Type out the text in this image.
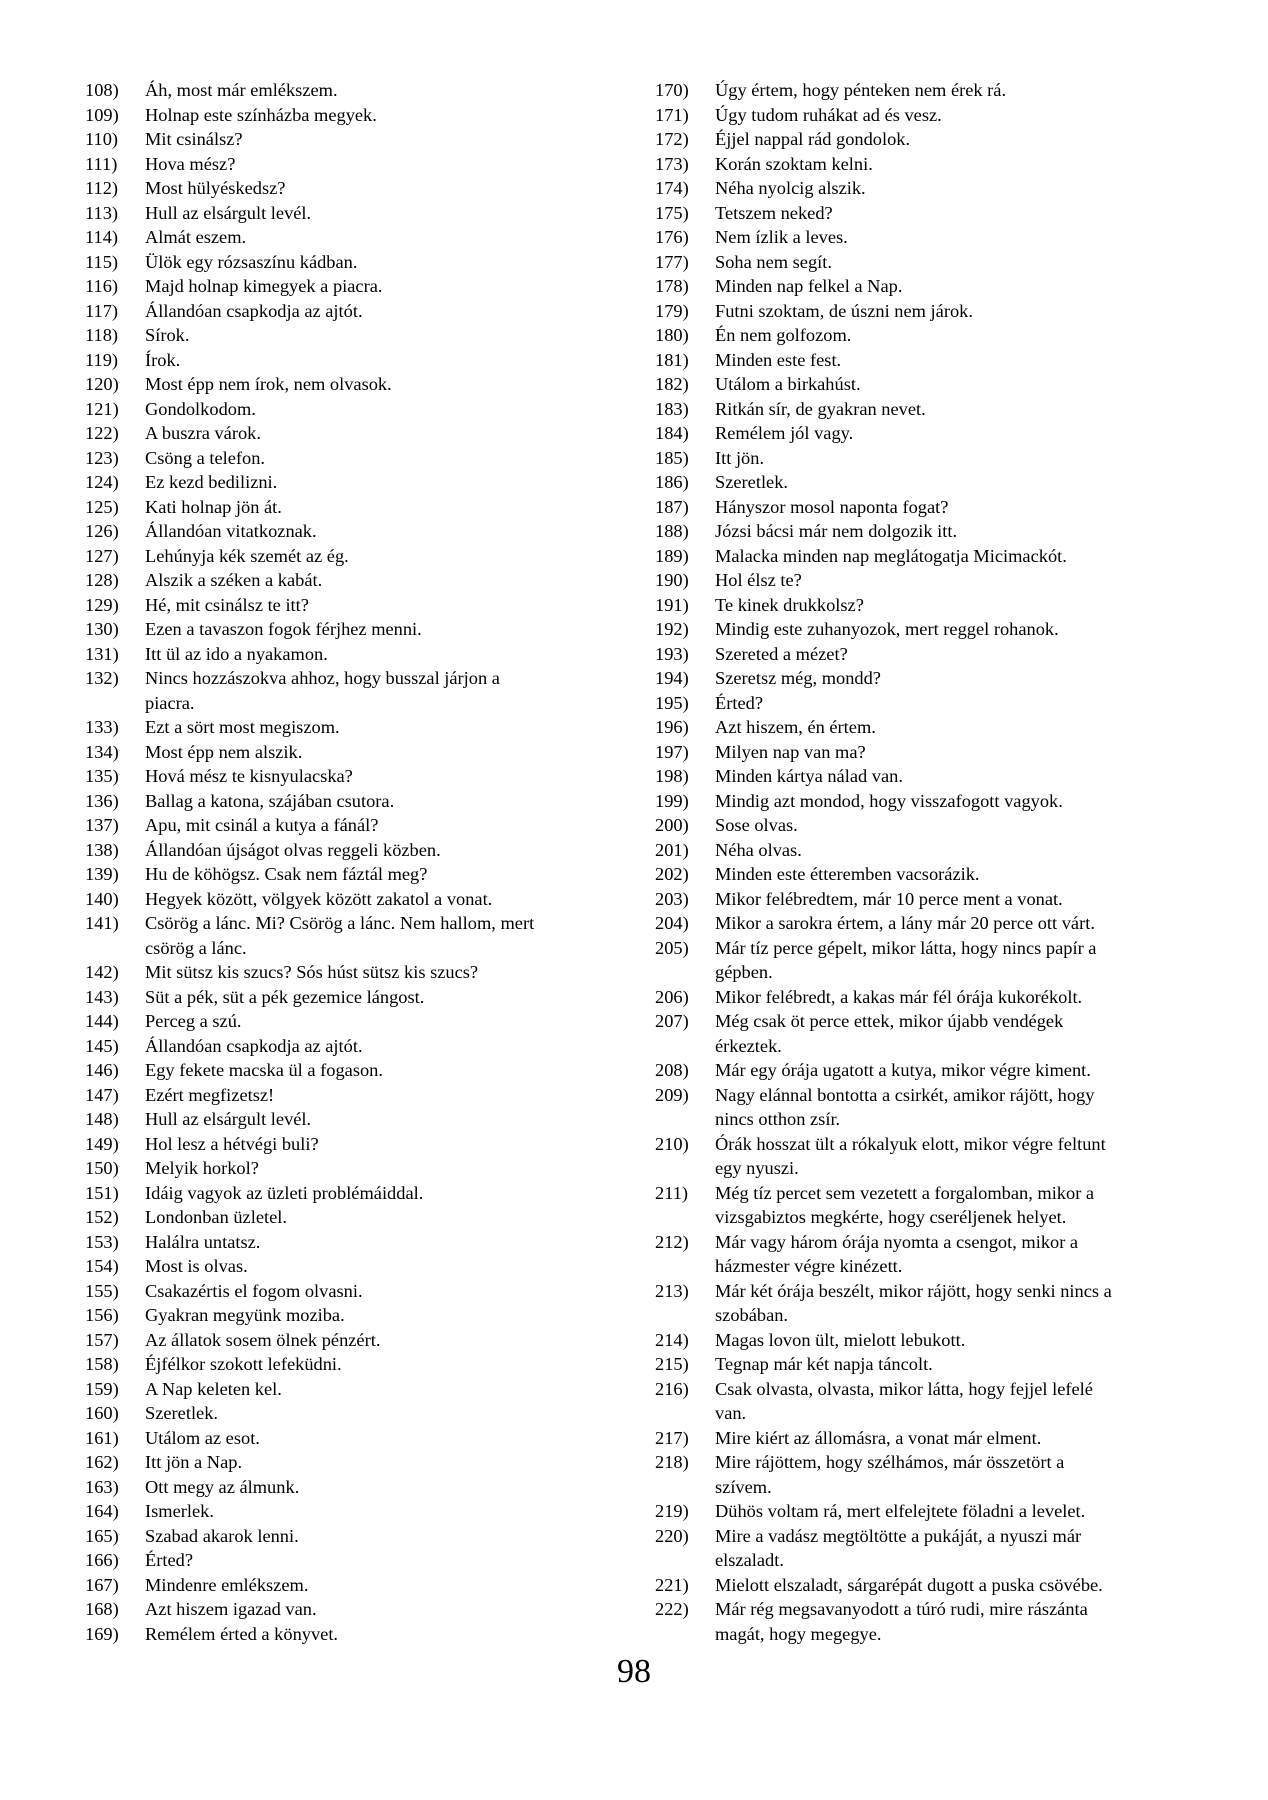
108)	Áh, most már emlékszem.
109)	Holnap este színházba megyek.
110)	Mit csinálsz?
111)	Hova mész?
112)	Most hülyéskedsz?
113)	Hull az elsárgult levél.
114)	Almát eszem.
115)	Ülök egy rózsaszínu kádban.
116)	Majd holnap kimegyek a piacra.
117)	Állandóan csapkodja az ajtót.
118)	Sírok.
119)	Írok.
120)	Most épp nem írok, nem olvasok.
121)	Gondolkodom.
122)	A buszra várok.
123)	Csöng a telefon.
124)	Ez kezd bedilizni.
125)	Kati holnap jön át.
126)	Állandóan vitatkoznak.
127)	Lehúnyja kék szemét az ég.
128)	Alszik a széken a kabát.
129)	Hé, mit csinálsz te itt?
130)	Ezen a tavaszon fogok férjhez menni.
131)	Itt ül az ido a nyakamon.
132)	Nincs hozzászokva ahhoz, hogy busszal járjon a piacra.
133)	Ezt a sört most megiszom.
134)	Most épp nem alszik.
135)	Hová mész te kisnyulacska?
136)	Ballag a katona, szájában csutora.
137)	Apu, mit csinál a kutya a fánál?
138)	Állandóan újságot olvas reggeli közben.
139)	Hu de köhögsz. Csak nem fáztál meg?
140)	Hegyek között, völgyek között zakatol a vonat.
141)	Csörög a lánc. Mi? Csörög a lánc. Nem hallom, mert csörög a lánc.
142)	Mit sütsz kis szucs? Sós húst sütsz kis szucs?
143)	Süt a pék, süt a pék gezemice lángost.
144)	Perceg a szú.
145)	Állandóan csapkodja az ajtót.
146)	Egy fekete macska ül a fogason.
147)	Ezért megfizetsz!
148)	Hull az elsárgult levél.
149)	Hol lesz a hétvégi buli?
150)	Melyik horkol?
151)	Idáig vagyok az üzleti problémáiddal.
152)	Londonban üzletel.
153)	Halálra untatsz.
154)	Most is olvas.
155)	Csakazértis el fogom olvasni.
156)	Gyakran megyünk moziba.
157)	Az állatok sosem ölnek pénzért.
158)	Éjfélkor szokott lefeküdni.
159)	A Nap keleten kel.
160)	Szeretlek.
161)	Utálom az esot.
162)	Itt jön a Nap.
163)	Ott megy az álmunk.
164)	Ismerlek.
165)	Szabad akarok lenni.
166)	Érted?
167)	Mindenre emlékszem.
168)	Azt hiszem igazad van.
169)	Remélem érted a könyvet.
170)	Úgy értem, hogy pénteken nem érek rá.
171)	Úgy tudom ruhákat ad és vesz.
172)	Éjjel nappal rád gondolok.
173)	Korán szoktam kelni.
174)	Néha nyolcig alszik.
175)	Tetszem neked?
176)	Nem ízlik a leves.
177)	Soha nem segít.
178)	Minden nap felkel a Nap.
179)	Futni szoktam, de úszni nem járok.
180)	Én nem golfozom.
181)	Minden este fest.
182)	Utálom a birkahúst.
183)	Ritkán sír, de gyakran nevet.
184)	Remélem jól vagy.
185)	Itt jön.
186)	Szeretlek.
187)	Hányszor mosol naponta fogat?
188)	Józsi bácsi már nem dolgozik itt.
189)	Malacka minden nap meglátogatja Micimackót.
190)	Hol élsz te?
191)	Te kinek drukkolsz?
192)	Mindig este zuhanyozok, mert reggel rohanok.
193)	Szereted a mézet?
194)	Szeretsz még, mondd?
195)	Érted?
196)	Azt hiszem, én értem.
197)	Milyen nap van ma?
198)	Minden kártya nálad van.
199)	Mindig azt mondod, hogy visszafogott vagyok.
200)	Sose olvas.
201)	Néha olvas.
202)	Minden este étteremben vacsorázik.
203)	Mikor felébredtem, már 10 perce ment a vonat.
204)	Mikor a sarokra értem, a lány már 20 perce ott várt.
205)	Már tíz perce gépelt, mikor látta, hogy nincs papír a gépben.
206)	Mikor felébredt, a kakas már fél órája kukorékolt.
207)	Még csak öt perce ettek, mikor újabb vendégek érkeztek.
208)	Már egy órája ugatott a kutya, mikor végre kiment.
209)	Nagy elánnal bontotta a csirkét, amikor rájött, hogy nincs otthon zsír.
210)	Órák hosszat ült a rókalyuk elott, mikor végre feltunt egy nyuszi.
211)	Még tíz percet sem vezetett a forgalomban, mikor a vizsgabiztos megkérte, hogy cseréljenek helyet.
212)	Már vagy három órája nyomta a csengot, mikor a házmester végre kinézett.
213)	Már két órája beszélt, mikor rájött, hogy senki nincs a szobában.
214)	Magas lovon ült, mielott lebukott.
215)	Tegnap már két napja táncolt.
216)	Csak olvasta, olvasta, mikor látta, hogy fejjel lefelé van.
217)	Mire kiért az állomásra, a vonat már elment.
218)	Mire rájöttem, hogy szélhámos, már összetört a szívem.
219)	Dühös voltam rá, mert elfelejtete föladni a levelet.
220)	Mire a vadász megtöltötte a pukáját, a nyuszi már elszaladt.
221)	Mielott elszaladt, sárgarépát dugott a puska csövébe.
222)	Már rég megsavanyodott a túró rudi, mire rászánta magát, hogy megegye.
98
